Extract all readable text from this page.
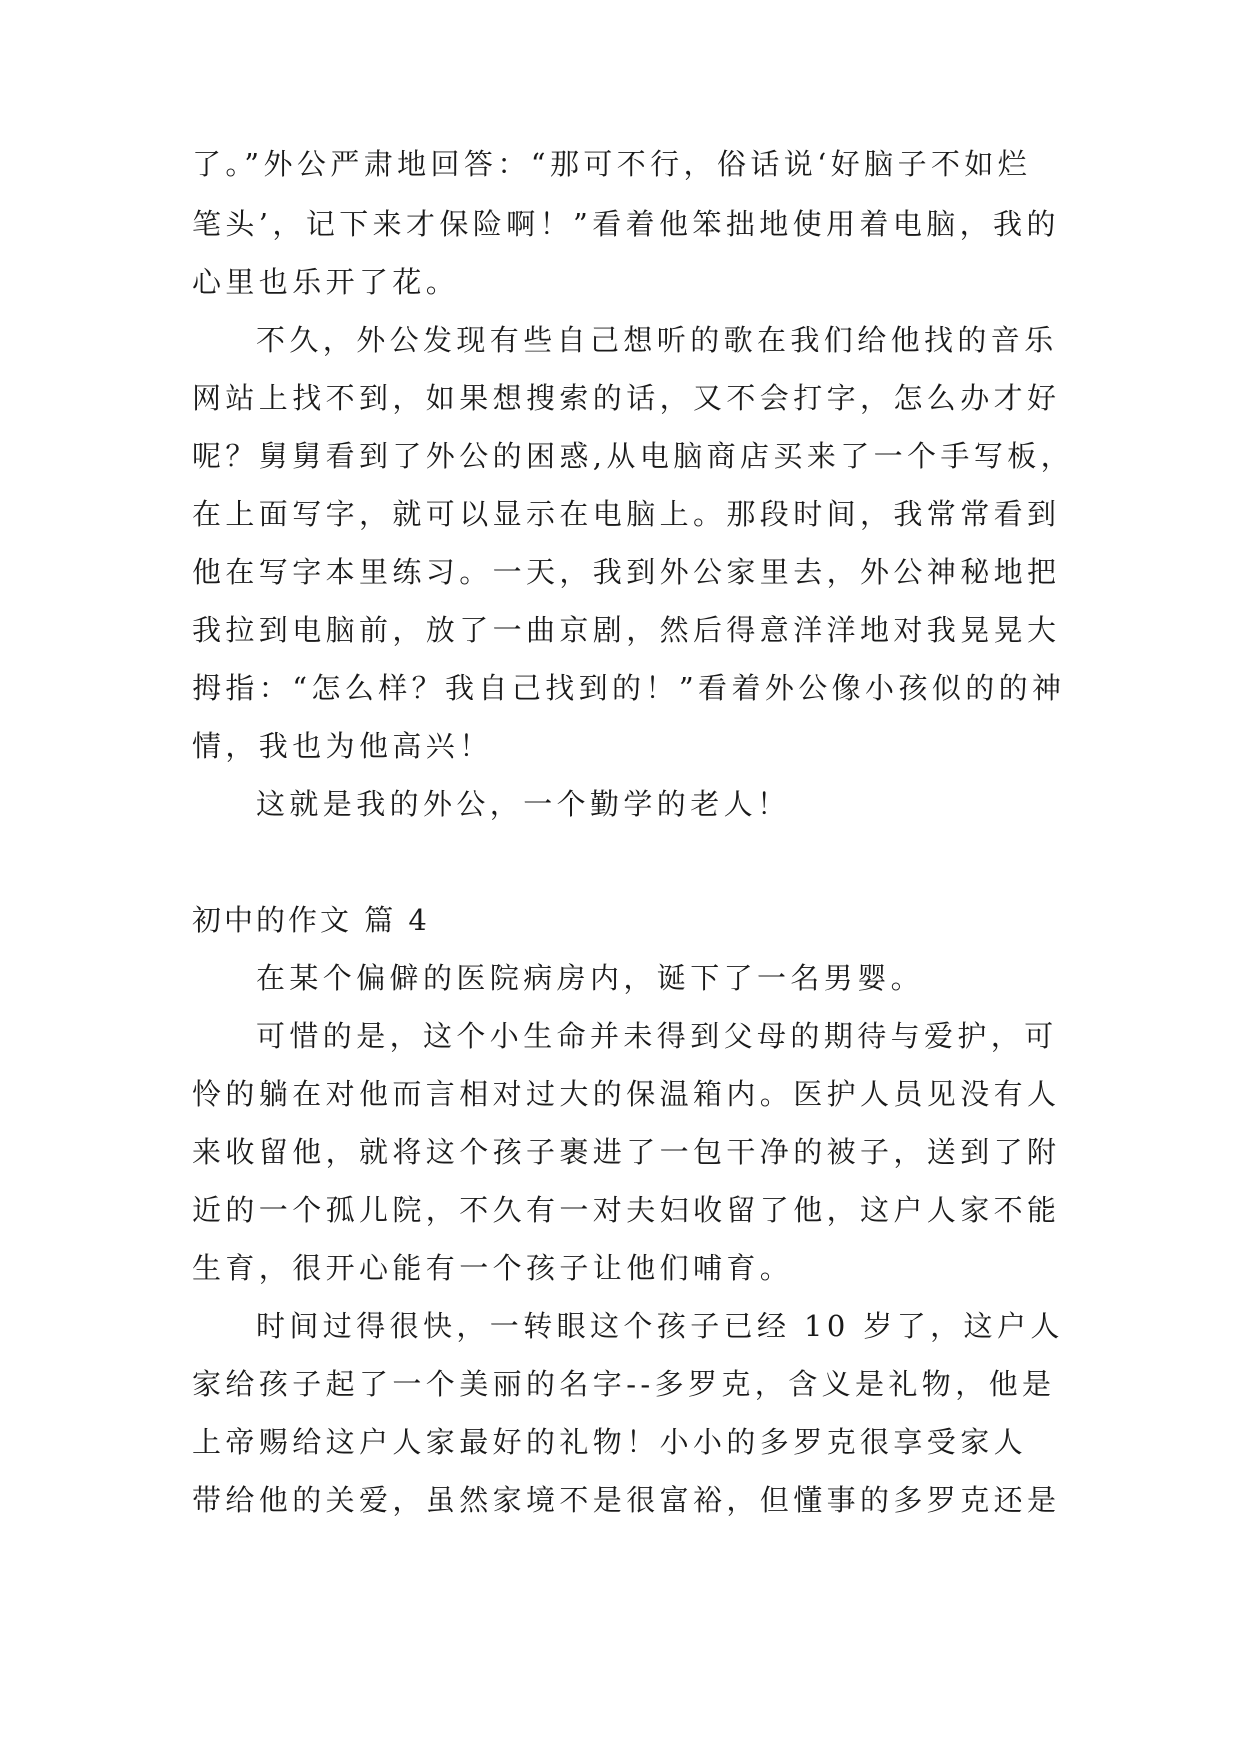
了。”外公严肃地回答：“那可不行，俗话说‘好脑子不如烂
笔头’，记下来才保险啊！”看着他笨拙地使用着电脑，我的
心里也乐开了花。
不久，外公发现有些自己想听的歌在我们给他找的音乐
网站上找不到，如果想搜索的话，又不会打字，怎么办才好
呢？舅舅看到了外公的困惑,从电脑商店买来了一个手写板，
在上面写字，就可以显示在电脑上。那段时间，我常常看到
他在写字本里练习。一天，我到外公家里去，外公神秘地把
我拉到电脑前，放了一曲京剧，然后得意洋洋地对我晃晃大
拇指：“怎么样？我自己找到的！”看着外公像小孩似的的神
情，我也为他高兴！
这就是我的外公，一个勤学的老人！
初中的作文 篇 4
在某个偏僻的医院病房内，诞下了一名男婴。
可惜的是，这个小生命并未得到父母的期待与爱护，可
怜的躺在对他而言相对过大的保温箱内。医护人员见没有人
来收留他，就将这个孩子裹进了一包干净的被子，送到了附
近的一个孤儿院，不久有一对夫妇收留了他，这户人家不能
生育，很开心能有一个孩子让他们哺育。
时间过得很快，一转眼这个孩子已经 10 岁了，这户人
家给孩子起了一个美丽的名字--多罗克，含义是礼物，他是
上帝赐给这户人家最好的礼物！小小的多罗克很享受家人
带给他的关爱，虽然家境不是很富裕，但懂事的多罗克还是
